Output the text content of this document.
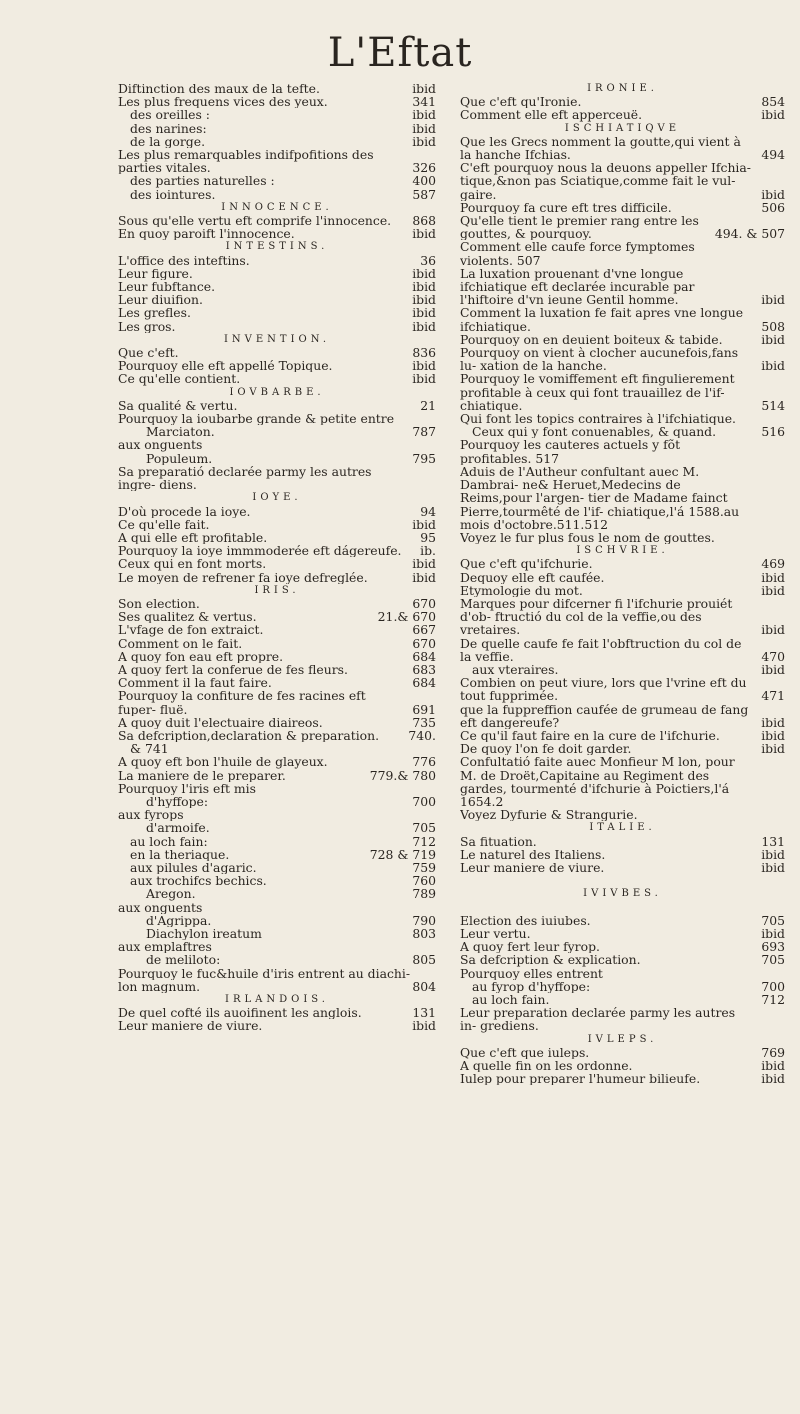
L'Eftat
Diftinction des maux de la tefte.	ibid
Les plus frequens vices des yeux.	341
des oreilles :	ibid
des narines:	ibid
de la gorge.	ibid
Les plus remarquables indifpofitions des parties vitales.	326
des parties naturelles :	400
des iointures.	587
INNOCENCE.
Sous qu'elle vertu eft comprife l'innocence. 868
En quoy paroift l'innocence.	ibid
INTESTINS.
L'office des inteftins.	36
Leur figure.	ibid
Leur fubftance.	ibid
Leur diuifion.	ibid
Les grefles.	ibid
Les gros.	ibid
INVENTION.
Que c'eft.	836
Pourquoy elle eft appellé Topique.	ibid
Ce qu'elle contient.	ibid
IOVBARBE.
Sa qualité & vertu.	21
Pourquoy la ioubarbe grande & petite entre
Marciaton.	787
aux onguents
Populeum.	795
Sa preparatió declarée parmy les autres ingre- diens.
IOYE.
D'où procede la ioye.	94
Ce qu'elle fait.	ibid
A qui elle eft profitable.	95
Pourquoy la ioye immmoderée eft dágereufe. ib.
Ceux qui en font morts.	ibid
Le moyen de refrener fa ioye defreglée.	ibid
IRIS.
Son election.	670
Ses qualitez & vertus.	21.& 670
L'vfage de fon extraict.	667
Comment on le fait.	670
A quoy fon eau eft propre.	684
A quoy fert la conferue de fes fleurs.	683
Comment il la faut faire.	684
Pourquoy la confiture de fes racines eft fuper- fluë.	691
A quoy duit l'electuaire diaireos.	735
Sa defcription,declaration & preparation. 740.
& 741
A quoy eft bon l'huile de glayeux.	776
La maniere de le preparer.	779.& 780
Pourquoy l'iris eft mis
d'hyffope:	700
aux fyrops
d'armoife.	705
au loch fain:	712
en la theriaque.	728 & 719
aux pilules d'agaric.	759
aux trochifcs bechics.	760
Aregon.	789
aux onguents
d'Agrippa.	790
Diachylon ireatum	803
aux emplaftres
de meliloto:	805
Pourquoy le fuc&huile d'iris entrent au diachi-
lon magnum.	804
IRLANDOIS.
De quel cofté ils auoifinent les anglois.	131
Leur maniere de viure.	ibid
IRONIE.
Que c'eft qu'Ironie.	854
Comment elle eft apperceuë.	ibid
ISCHIATIQVE
Que les Grecs nomment la goutte,qui vient à la hanche Ifchias.	494
C'eft pourquoy nous la deuons appeller Ifchia- tique,&non pas Sciatique,comme fait le vul- gaire.	ibid
Pourquoy fa cure eft tres difficile.	506
Qu'elle tient le premier rang entre les gouttes, & pourquoy.	494. & 507
Comment elle caufe force fymptomes violents. 507
La luxation prouenant d'vne longue ifchiatique eft declarée incurable par l'hiftoire d'vn ieune Gentil homme.	ibid
Comment la luxation fe fait apres vne longue ifchiatique.	508
Pourquoy on en deuient boiteux & tabide.	ibid
Pourquoy on vient à clocher aucunefois,fans lu- xation de la hanche.	ibid
Pourquoy le vomiffement eft fingulierement profitable à ceux qui font trauaillez de l'if- chiatique.	514
Qui font les topics contraires à l'ifchiatique.
Ceux qui y font conuenables, & quand.	516
Pourquoy les cauteres actuels y fõt profitables. 517
Aduis de l'Autheur confultant auec M. Dambrai- ne& Heruet,Medecins de Reims,pour l'argen- tier de Madame fainct Pierre,tourmêté de l'if- chiatique,l'á 1588.au mois d'octobre.511.512
Voyez le fur plus fous le nom de gouttes.
ISCHVRIE.
Que c'eft qu'ifchurie.	469
Dequoy elle eft caufée.	ibid
Etymologie du mot.	ibid
Marques pour difcerner fi l'ifchurie prouiét d'ob- ftructió du col de la veffie,ou des vretaires.	ibid
De quelle caufe fe fait l'obftruction du col de la veffie.	470
aux vteraires.	ibid
Combien on peut viure, lors que l'vrine eft du tout fupprimée.	471
que la fuppreffion caufée de grumeau de fang eft dangereufe?	ibid
Ce qu'il faut faire en la cure de l'ifchurie.	ibid
De quoy l'on fe doit garder.	ibid
Confultatió faite auec Monfieur M lon, pour M. de Droët,Capitaine au Regiment des gardes, tourmenté d'ifchurie à Poictiers,l'á 1654.2
Voyez Dyfurie & Strangurie.
ITALIE.
Sa fituation.	131
Le naturel des Italiens.	ibid
Leur maniere de viure.	ibid
IVIVBES.
Election des iuiubes.	705
Leur vertu.	ibid
A quoy fert leur fyrop.	693
Sa defcription & explication.	705
Pourquoy elles entrent
au fyrop d'hyffope:	700
au loch fain.	712
Leur preparation declarée parmy les autres in- grediens.
IVLEPS.
Que c'eft que iuleps.	769
A quelle fin on les ordonne.	ibid
Iulep pour preparer l'humeur bilieufe.	ibid
